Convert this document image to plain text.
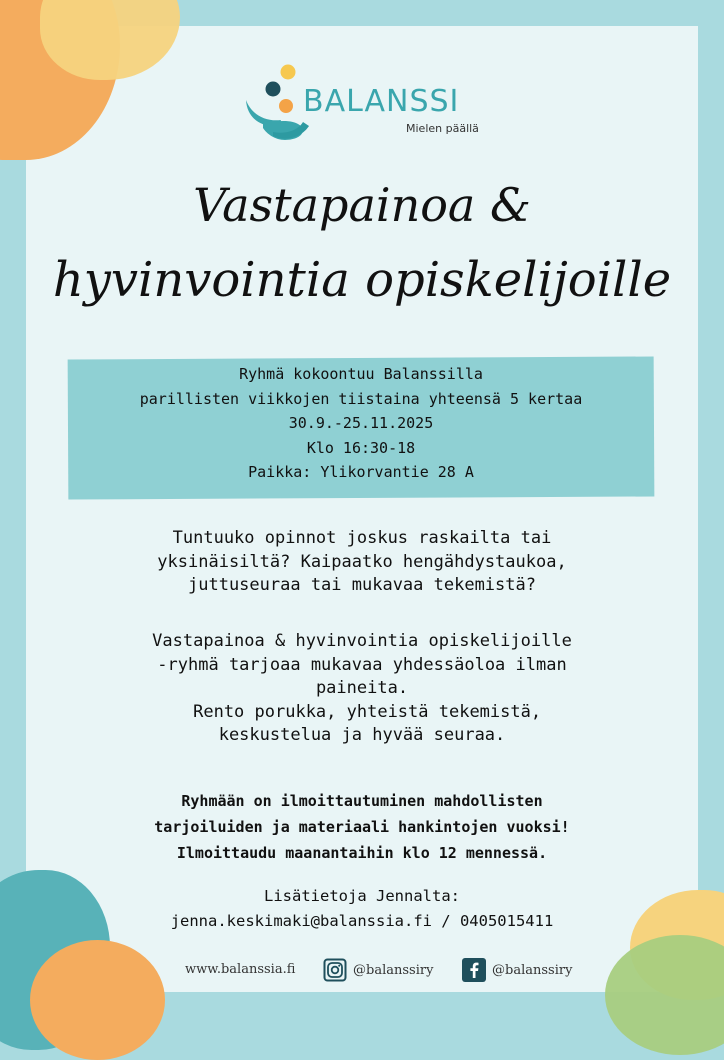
BALANSSI
Mielen päällä
Vastapainoa &
hyvinvointia opiskelijoille
Ryhmä kokoontuu Balanssilla
parillisten viikkojen tiistaina yhteensä 5 kertaa
30.9.-25.11.2025
Klo 16:30-18
Paikka: Ylikorvantie 28 A
Tuntuuko opinnot joskus raskailta tai
yksinäisiltä? Kaipaatko hengähdystaukoa,
juttuseuraa tai mukavaa tekemistä?
Vastapainoa & hyvinvointia opiskelijoille
-ryhmä tarjoaa mukavaa yhdessäoloa ilman
paineita.
Rento porukka, yhteistä tekemistä,
keskustelua ja hyvää seuraa.
Ryhmään on ilmoittautuminen mahdollisten
tarjoiluiden ja materiaali hankintojen vuoksi!
Ilmoittaudu maanantaihin klo 12 mennessä.
Lisätietoja Jennalta:
jenna.keskimaki@balanssia.fi / 0405015411
www.balanssia.fi	@balanssiry	@balanssiry
